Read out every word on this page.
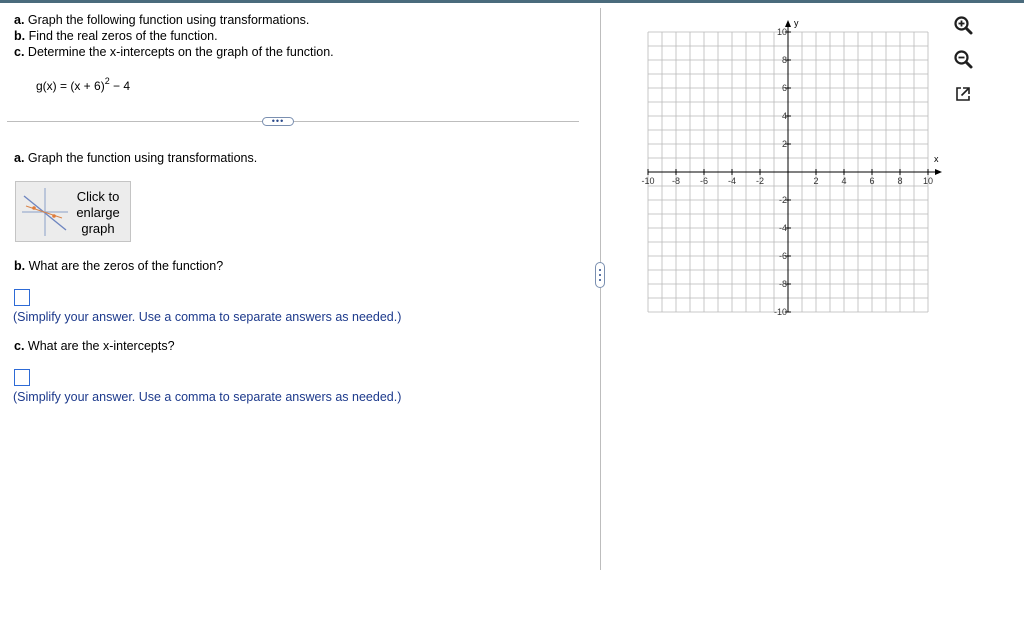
a. Graph the following function using transformations.
b. Find the real zeros of the function.
c. Determine the x-intercepts on the graph of the function.
$g(x) = (x + 6)^2 - 4$
•••
a. Graph the function using transformations.
Click to
enlarge
graph
b. What are the zeros of the function?
(Simplify your answer. Use a comma to separate answers as needed.)
c. What are the x-intercepts?
(Simplify your answer. Use a comma to separate answers as needed.)
-10 -8 -6 -4 -2	2	4	6	8 10
10
8
6
4
2
-2
-4
-6
-8
-10
x
y
